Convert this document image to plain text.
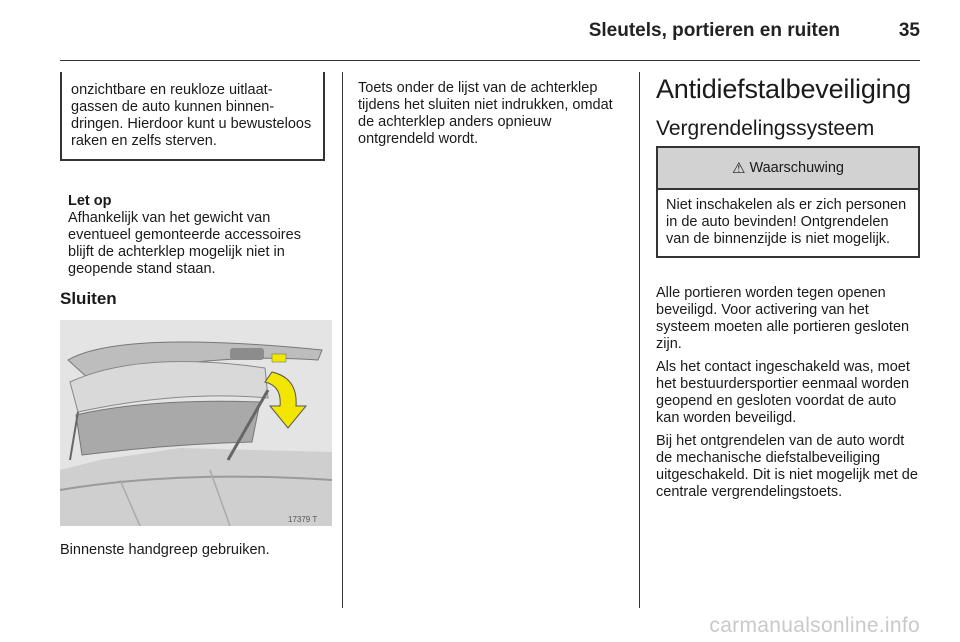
Sleutels, portieren en ruiten	35

onzichtbare en reukloze uitlaatgassen de auto kunnen binnendringen. Hierdoor kunt u bewusteloos raken en zelfs sterven.

Let op

Afhankelijk van het gewicht van eventueel gemonteerde accessoires blijft de achterklep mogelijk niet in geopende stand staan.

Sluiten
17379 T

Binnenste handgreep gebruiken.

Toets onder de lijst van de achterklep tijdens het sluiten niet indrukken, omdat de achterklep anders opnieuw ontgrendeld wordt.

Antidiefstalbeveiliging
Vergrendelingssysteem
⚠ Waarschuwing

Niet inschakelen als er zich personen in de auto bevinden! Ontgrendelen van de binnenzijde is niet mogelijk.

Alle portieren worden tegen openen beveiligd. Voor activering van het systeem moeten alle portieren gesloten zijn.

Als het contact ingeschakeld was, moet het bestuurdersportier eenmaal worden geopend en gesloten voordat de auto kan worden beveiligd.

Bij het ontgrendelen van de auto wordt de mechanische diefstalbeveiliging uitgeschakeld. Dit is niet mogelijk met de centrale vergrendelingstoets.

carmanualsonline.info
